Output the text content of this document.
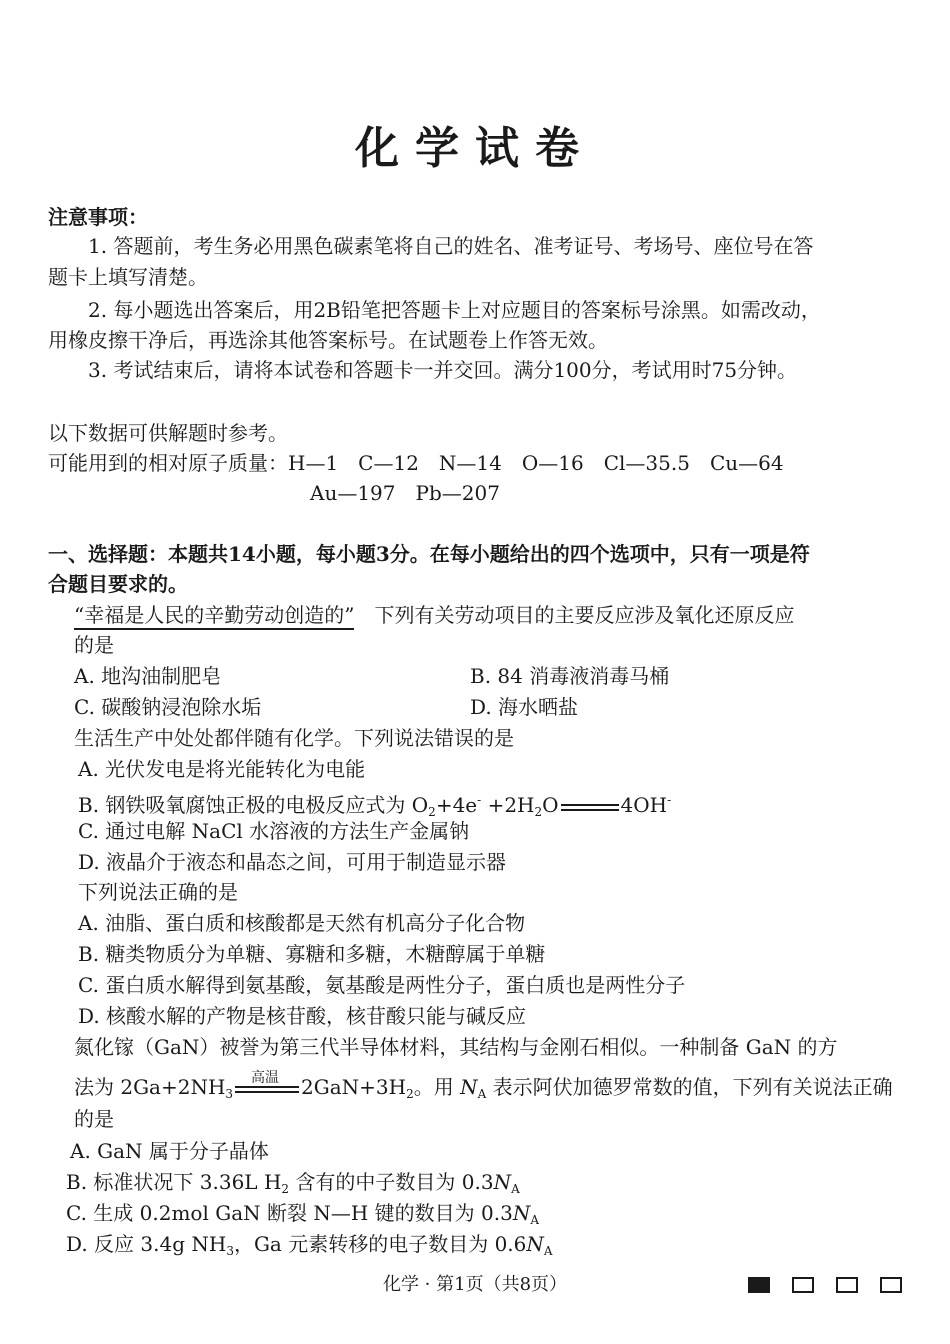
化学试卷
注意事项：
1. 答题前，考生务必用黑色碳素笔将自己的姓名、准考证号、考场号、座位号在答
题卡上填写清楚。
2. 每小题选出答案后，用2B铅笔把答题卡上对应题目的答案标号涂黑。如需改动，
用橡皮擦干净后，再选涂其他答案标号。在试题卷上作答无效。
3. 考试结束后，请将本试卷和答题卡一并交回。满分100分，考试用时75分钟。
以下数据可供解题时参考。
可能用到的相对原子质量：H—1　C—12　N—14　O—16　Cl—35.5　Cu—64
Au—197　Pb—207
一、选择题：本题共14小题，每小题3分。在每小题给出的四个选项中，只有一项是符
合题目要求的。
“幸福是人民的辛勤劳动创造的”　 下列有关劳动项目的主要反应涉及氧化还原反应
的是
A. 地沟油制肥皂	B. 84 消毒液消毒马桶
C. 碳酸钠浸泡除水垢	D. 海水晒盐
生活生产中处处都伴随有化学。下列说法错误的是
A. 光伏发电是将光能转化为电能
B. 钢铁吸氧腐蚀正极的电极反应式为 $O_2+4e^- +2H_2O$	4OH-
C. 通过电解 NaCl 水溶液的方法生产金属钠
D. 液晶介于液态和晶态之间，可用于制造显示器
下列说法正确的是
A. 油脂、蛋白质和核酸都是天然有机高分子化合物
B. 糖类物质分为单糖、寡糖和多糖，木糖醇属于单糖
C. 蛋白质水解得到氨基酸，氨基酸是两性分子，蛋白质也是两性分子
D. 核酸水解的产物是核苷酸，核苷酸只能与碱反应
氮化镓（GaN）被誉为第三代半导体材料，其结构与金刚石相似。一种制备 GaN 的方
法为 $2Ga+2NH_3$
高温 $2GaN+3H_2$。用 $N_A$ 表示阿伏加德罗常数的值，下列有关说法正确
的是
A. GaN 属于分子晶体
B. 标准状况下 3.36L $H_2$ 含有的中子数目为 $0.3N_A$
C. 生成 0.2mol GaN 断裂 N—H 键的数目为 $0.3N_A$
D. 反应 3.4g $NH_3$，Ga 元素转移的电子数目为 $0.6N_A$
化学 · 第1页（共8页）
